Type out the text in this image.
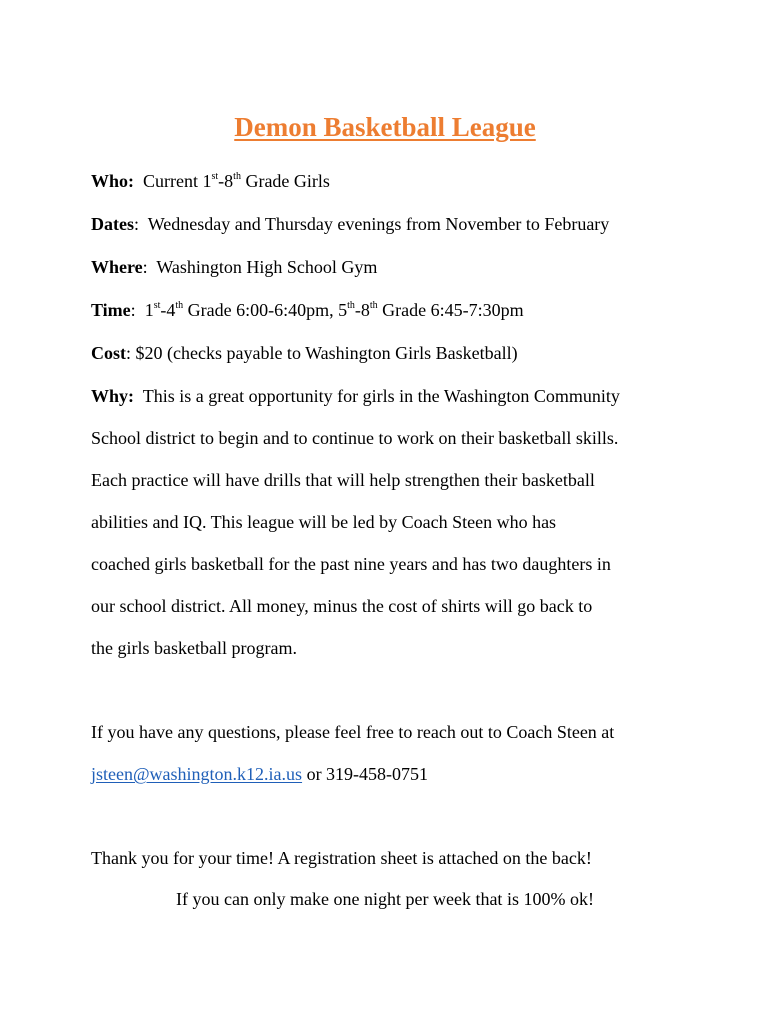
Demon Basketball League
Who: Current 1st-8th Grade Girls
Dates: Wednesday and Thursday evenings from November to February
Where: Washington High School Gym
Time: 1st-4th Grade 6:00-6:40pm, 5th-8th Grade 6:45-7:30pm
Cost: $20 (checks payable to Washington Girls Basketball)
Why: This is a great opportunity for girls in the Washington Community
School district to begin and to continue to work on their basketball skills.
Each practice will have drills that will help strengthen their basketball
abilities and IQ. This league will be led by Coach Steen who has
coached girls basketball for the past nine years and has two daughters in
our school district. All money, minus the cost of shirts will go back to
the girls basketball program.
If you have any questions, please feel free to reach out to Coach Steen at
jsteen@washington.k12.ia.us or 319-458-0751
Thank you for your time! A registration sheet is attached on the back!
If you can only make one night per week that is 100% ok!
